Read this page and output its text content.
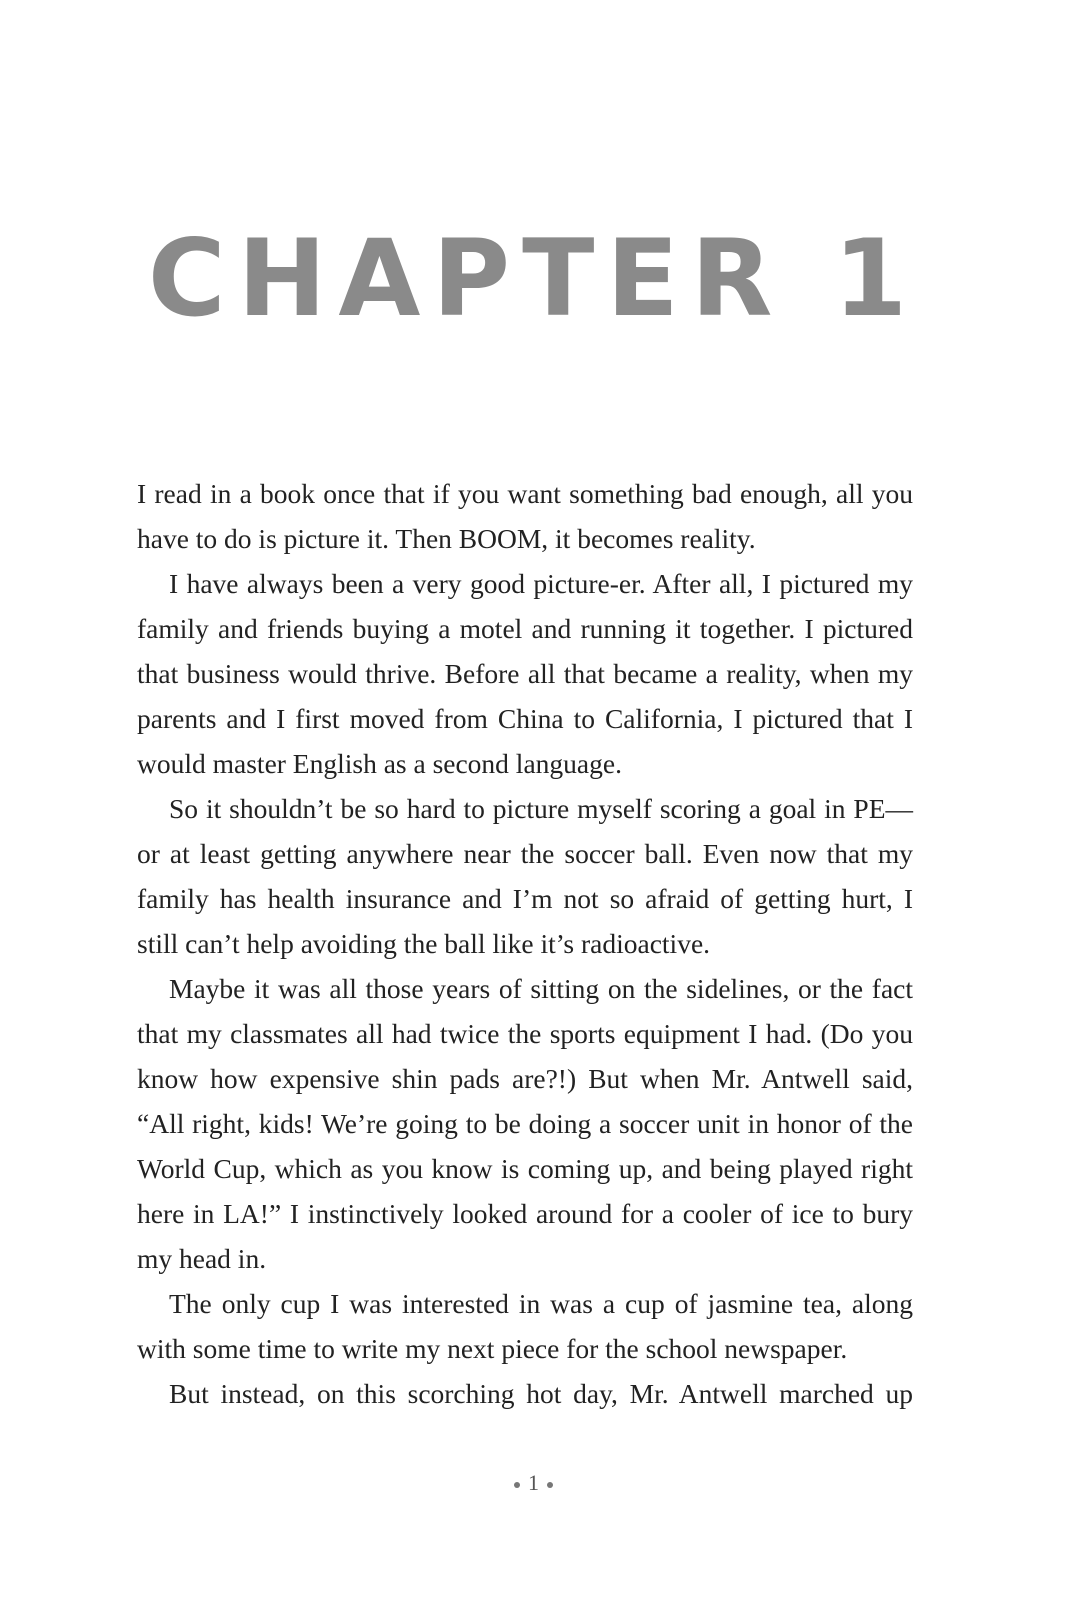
CHAPTER 1

I read in a book once that if you want something bad enough, all you
have to do is picture it. Then BOOM, it becomes reality.

I have always been a very good picture-er. After all, I pictured my
family and friends buying a motel and running it together. I pictured
that business would thrive. Before all that became a reality, when my
parents and I first moved from China to California, I pictured that I
would master English as a second language.

So it shouldn’t be so hard to picture myself scoring a goal in PE—
or at least getting anywhere near the soccer ball. Even now that my
family has health insurance and I’m not so afraid of getting hurt, I
still can’t help avoiding the ball like it’s radioactive.

Maybe it was all those years of sitting on the sidelines, or the fact
that my classmates all had twice the sports equipment I had. (Do you
know how expensive shin pads are?!) But when Mr. Antwell said,
“All right, kids! We’re going to be doing a soccer unit in honor of the
World Cup, which as you know is coming up, and being played right
here in LA!” I instinctively looked around for a cooler of ice to bury
my head in.

The only cup I was interested in was a cup of jasmine tea, along
with some time to write my next piece for the school newspaper.

But instead, on this scorching hot day, Mr. Antwell marched up

1
